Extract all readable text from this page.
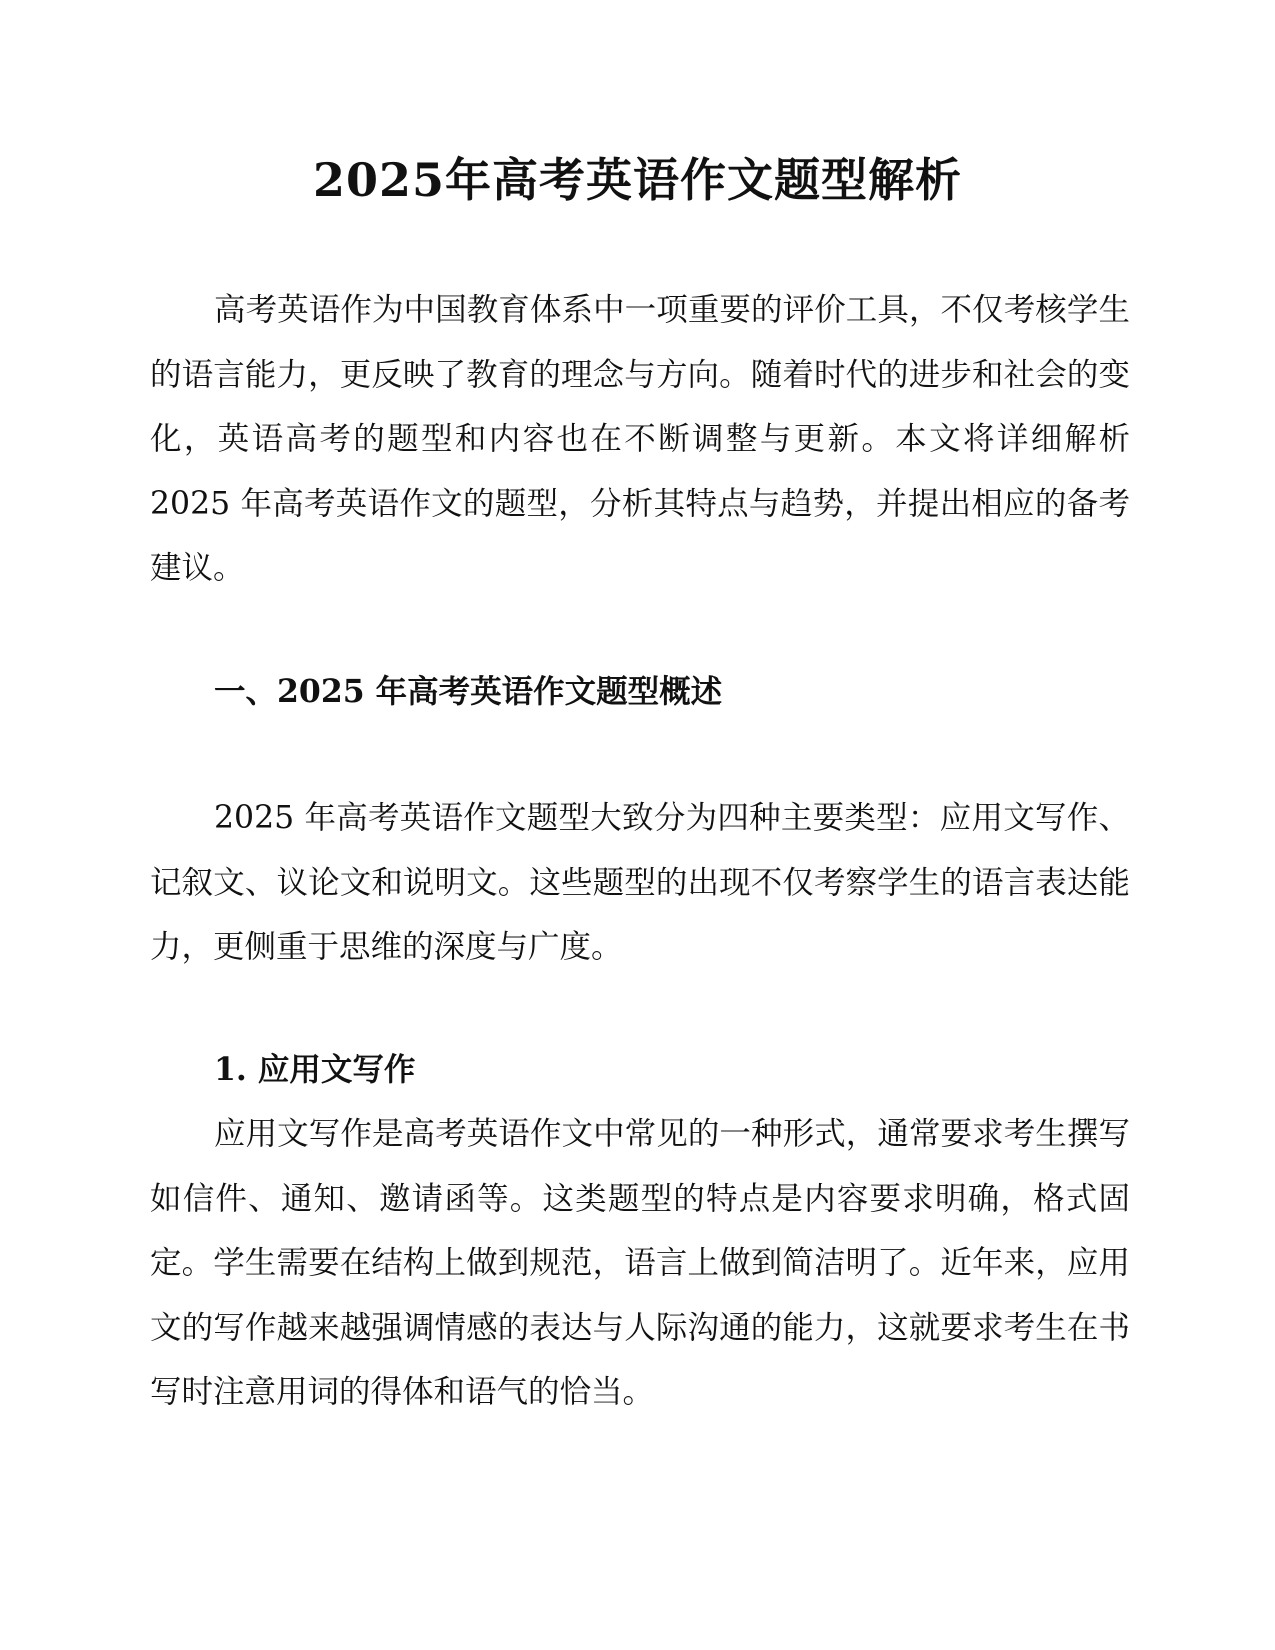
2025年高考英语作文题型解析

高考英语作为中国教育体系中一项重要的评价工具，不仅考核学生的语言能力，更反映了教育的理念与方向。随着时代的进步和社会的变化，英语高考的题型和内容也在不断调整与更新。本文将详细解析 2025 年高考英语作文的题型，分析其特点与趋势，并提出相应的备考建议。

一、2025 年高考英语作文题型概述

2025 年高考英语作文题型大致分为四种主要类型：应用文写作、记叙文、议论文和说明文。这些题型的出现不仅考察学生的语言表达能力，更侧重于思维的深度与广度。

1. 应用文写作

应用文写作是高考英语作文中常见的一种形式，通常要求考生撰写如信件、通知、邀请函等。这类题型的特点是内容要求明确，格式固定。学生需要在结构上做到规范，语言上做到简洁明了。近年来，应用文的写作越来越强调情感的表达与人际沟通的能力，这就要求考生在书写时注意用词的得体和语气的恰当。
